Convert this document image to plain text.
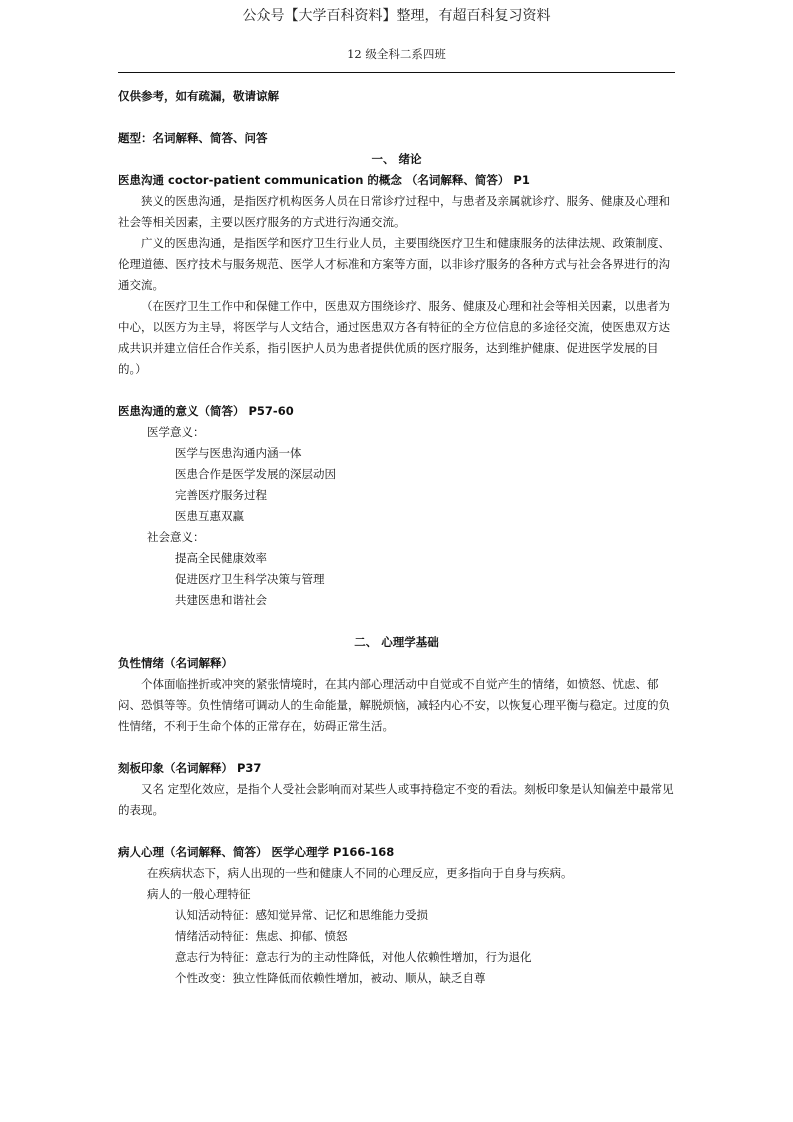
公众号【大学百科资料】整理，有超百科复习资料
12 级全科二系四班

仅供参考，如有疏漏，敬请谅解

题型：名词解释、简答、问答

一、 绪论

医患沟通 coctor-patient communication 的概念 （名词解释、简答） P1

狭义的医患沟通，是指医疗机构医务人员在日常诊疗过程中，与患者及亲属就诊疗、服务、健康及心理和社会等相关因素，主要以医疗服务的方式进行沟通交流。

广义的医患沟通，是指医学和医疗卫生行业人员，主要围绕医疗卫生和健康服务的法律法规、政策制度、伦理道德、医疗技术与服务规范、医学人才标准和方案等方面，以非诊疗服务的各种方式与社会各界进行的沟通交流。

（在医疗卫生工作中和保健工作中，医患双方围绕诊疗、服务、健康及心理和社会等相关因素，以患者为中心，以医方为主导，将医学与人文结合，通过医患双方各有特征的全方位信息的多途径交流，使医患双方达成共识并建立信任合作关系，指引医护人员为患者提供优质的医疗服务，达到维护健康、促进医学发展的目的。）

医患沟通的意义（简答） P57-60

医学意义：

医学与医患沟通内涵一体

医患合作是医学发展的深层动因

完善医疗服务过程

医患互惠双赢

社会意义：

提高全民健康效率

促进医疗卫生科学决策与管理

共建医患和谐社会

二、 心理学基础

负性情绪（名词解释）

个体面临挫折或冲突的紧张情境时，在其内部心理活动中自觉或不自觉产生的情绪，如愤怒、忧虑、郁闷、恐惧等等。负性情绪可调动人的生命能量，解脱烦恼，减轻内心不安，以恢复心理平衡与稳定。过度的负性情绪，不利于生命个体的正常存在，妨碍正常生活。

刻板印象（名词解释） P37

又名 定型化效应，是指个人受社会影响而对某些人或事持稳定不变的看法。刻板印象是认知偏差中最常见的表现。

病人心理（名词解释、简答） 医学心理学 P166-168

在疾病状态下，病人出现的一些和健康人不同的心理反应，更多指向于自身与疾病。

病人的一般心理特征

认知活动特征：感知觉异常、记忆和思维能力受损

情绪活动特征：焦虑、抑郁、愤怒

意志行为特征：意志行为的主动性降低，对他人依赖性增加，行为退化

个性改变：独立性降低而依赖性增加，被动、顺从，缺乏自尊
